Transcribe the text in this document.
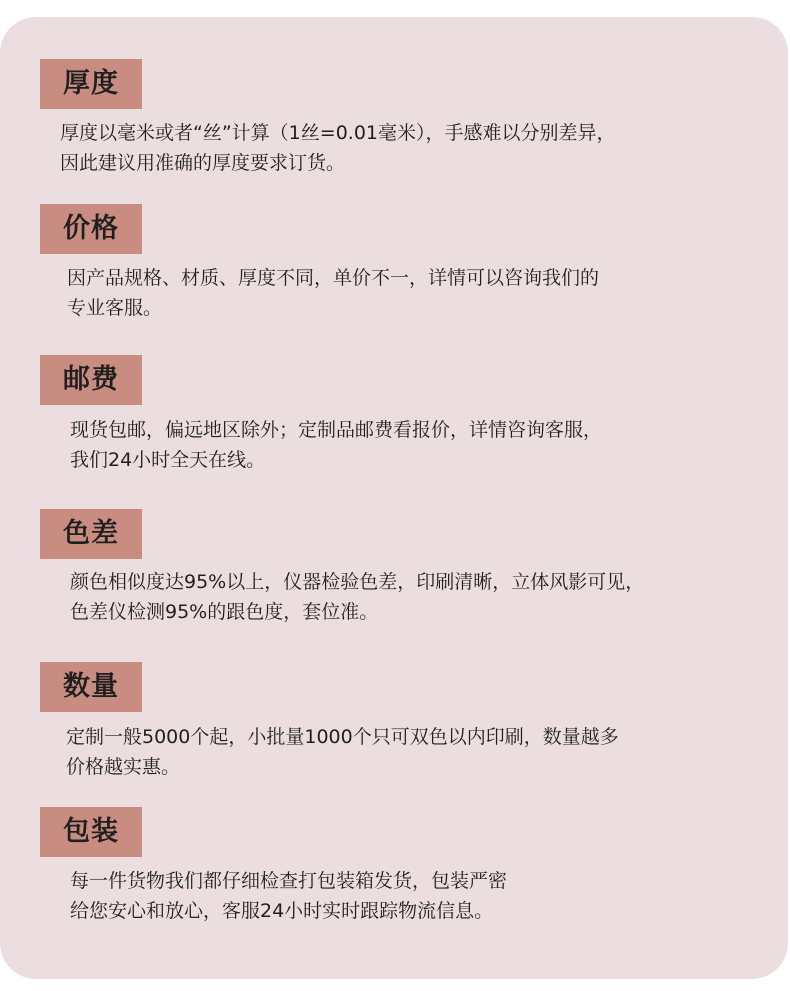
厚度
厚度以毫米或者“丝”计算（1丝=0.01毫米），手感难以分别差异，
因此建议用准确的厚度要求订货。
价格
因产品规格、材质、厚度不同，单价不一，详情可以咨询我们的
专业客服。
邮费
现货包邮，偏远地区除外；定制品邮费看报价，详情咨询客服，
我们24小时全天在线。
色差
颜色相似度达95%以上，仪器检验色差，印刷清晰，立体风影可见，
色差仪检测95%的跟色度，套位准。
数量
定制一般5000个起，小批量1000个只可双色以内印刷，数量越多
价格越实惠。
包装
每一件货物我们都仔细检查打包装箱发货，包装严密
给您安心和放心，客服24小时实时跟踪物流信息。
